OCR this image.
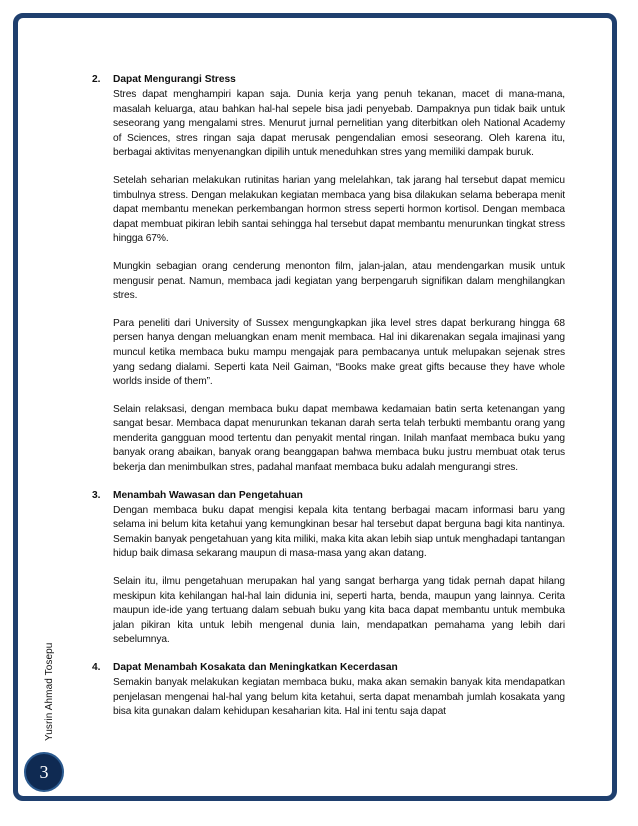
Yusrin Ahmad Tosepu
3
2.	Dapat Mengurangi Stress

Stres dapat menghampiri kapan saja. Dunia kerja yang penuh tekanan, macet di mana-mana, masalah keluarga, atau bahkan hal-hal sepele bisa jadi penyebab. Dampaknya pun tidak baik untuk seseorang yang mengalami stres. Menurut jurnal pernelitian yang diterbitkan oleh National Academy of Sciences, stres ringan saja dapat merusak pengendalian emosi seseorang. Oleh karena itu, berbagai aktivitas menyenangkan dipilih untuk meneduhkan stres yang memiliki dampak buruk.

Setelah seharian melakukan rutinitas harian yang melelahkan, tak jarang hal tersebut dapat memicu timbulnya stress. Dengan melakukan kegiatan membaca yang bisa dilakukan selama beberapa menit dapat membantu menekan perkembangan hormon stress seperti hormon kortisol. Dengan membaca dapat membuat pikiran lebih santai sehingga hal tersebut dapat membantu menurunkan tingkat stress hingga 67%.

Mungkin sebagian orang cenderung menonton film, jalan-jalan, atau mendengarkan musik untuk mengusir penat. Namun, membaca jadi kegiatan yang berpengaruh signifikan dalam menghilangkan stres.

Para peneliti dari University of Sussex mengungkapkan jika level stres dapat berkurang hingga 68 persen hanya dengan meluangkan enam menit membaca. Hal ini dikarenakan segala imajinasi yang muncul ketika membaca buku mampu mengajak para pembacanya untuk melupakan sejenak stres yang sedang dialami. Seperti kata Neil Gaiman, “Books make great gifts because they have whole worlds inside of them”.

Selain relaksasi, dengan membaca buku dapat membawa kedamaian batin serta ketenangan yang sangat besar. Membaca dapat menurunkan tekanan darah serta telah terbukti membantu orang yang menderita gangguan mood tertentu dan penyakit mental ringan. Inilah manfaat membaca buku yang banyak orang abaikan, banyak orang beanggapan bahwa membaca buku justru membuat otak terus bekerja dan menimbulkan stres, padahal manfaat membaca buku adalah mengurangi stres.

3.	Menambah Wawasan dan Pengetahuan

Dengan membaca buku dapat mengisi kepala kita tentang berbagai macam informasi baru yang selama ini belum kita ketahui yang kemungkinan besar hal tersebut dapat berguna bagi kita nantinya. Semakin banyak pengetahuan yang kita miliki, maka kita akan lebih siap untuk menghadapi tantangan hidup baik dimasa sekarang maupun di masa-masa yang akan datang.

Selain itu, ilmu pengetahuan merupakan hal yang sangat berharga yang tidak pernah dapat hilang meskipun kita kehilangan hal-hal lain didunia ini, seperti harta, benda, maupun yang lainnya. Cerita maupun ide-ide yang tertuang dalam sebuah buku yang kita baca dapat membantu untuk membuka jalan pikiran kita untuk lebih mengenal dunia lain, mendapatkan pemahama yang lebih dari sebelumnya.

4.	Dapat Menambah Kosakata dan Meningkatkan Kecerdasan

Semakin banyak melakukan kegiatan membaca buku, maka akan semakin banyak kita mendapatkan penjelasan mengenai hal-hal yang belum kita ketahui, serta dapat menambah jumlah kosakata yang bisa kita gunakan dalam kehidupan kesaharian kita. Hal ini tentu saja dapat
